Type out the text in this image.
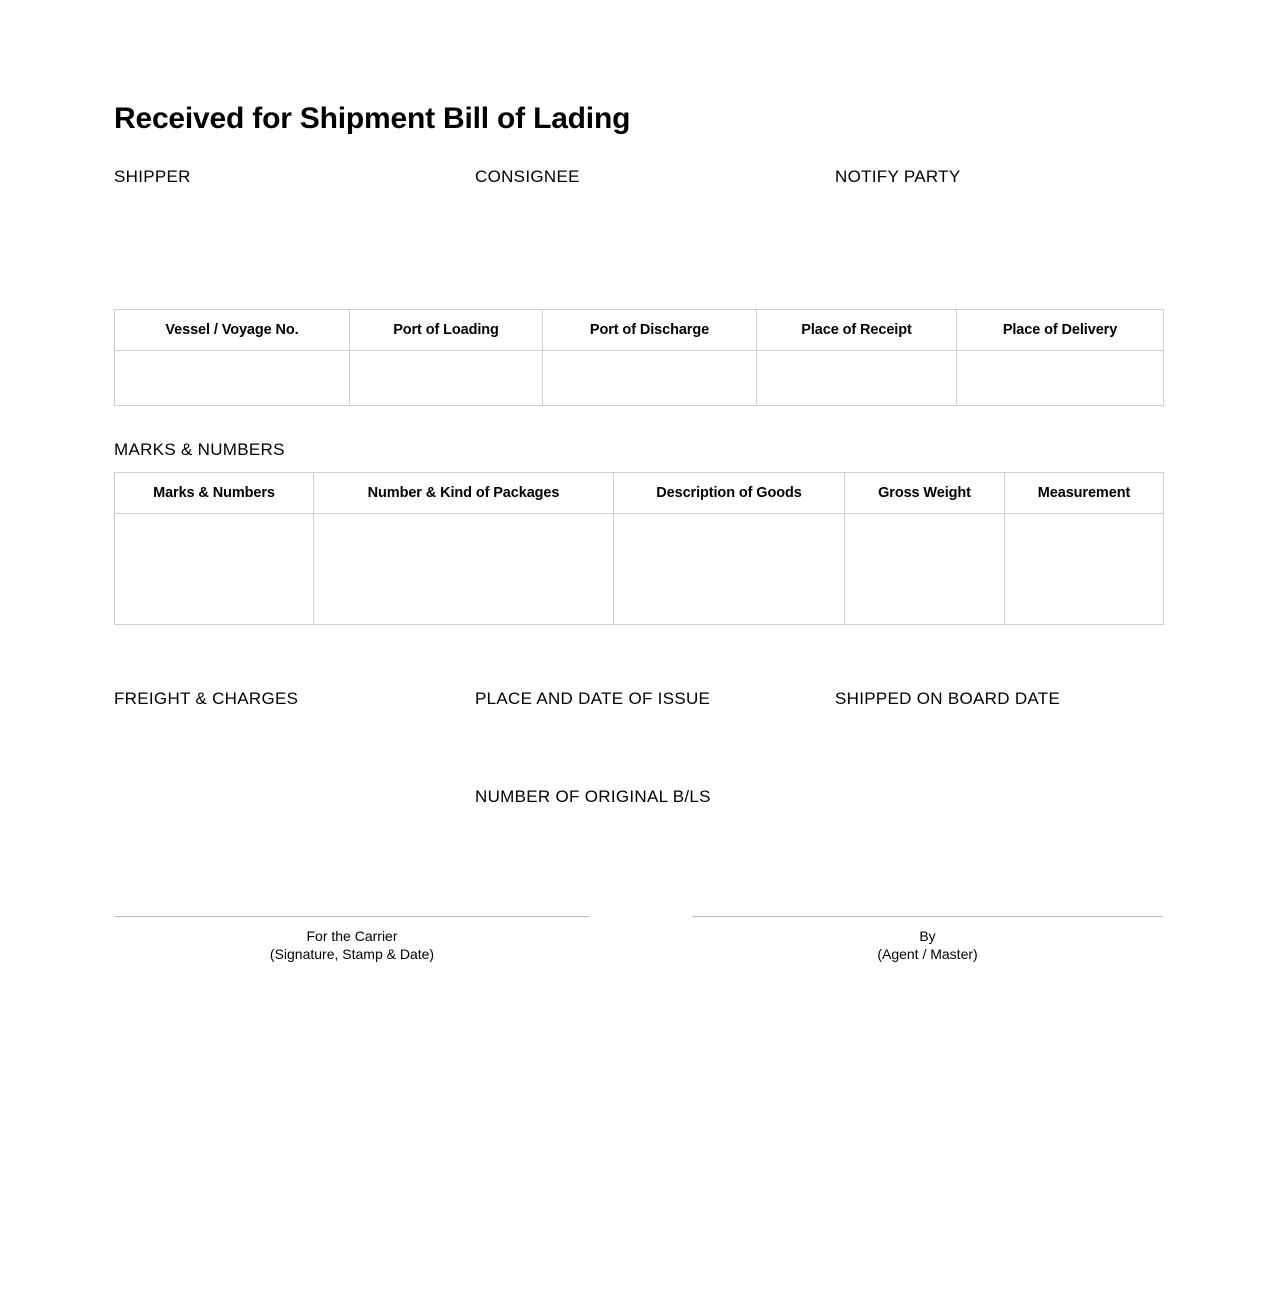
Received for Shipment Bill of Lading
SHIPPER	CONSIGNEE	NOTIFY PARTY
Vessel / Voyage No.	Port of Loading	Port of Discharge	Place of Receipt	Place of Delivery

MARKS & NUMBERS
Marks & Numbers	Number & Kind of Packages	Description of Goods	Gross Weight	Measurement

FREIGHT & CHARGES	PLACE AND DATE OF ISSUE	SHIPPED ON BOARD DATE
NUMBER OF ORIGINAL B/LS
For the Carrier
(Signature, Stamp & Date)
By
(Agent / Master)
